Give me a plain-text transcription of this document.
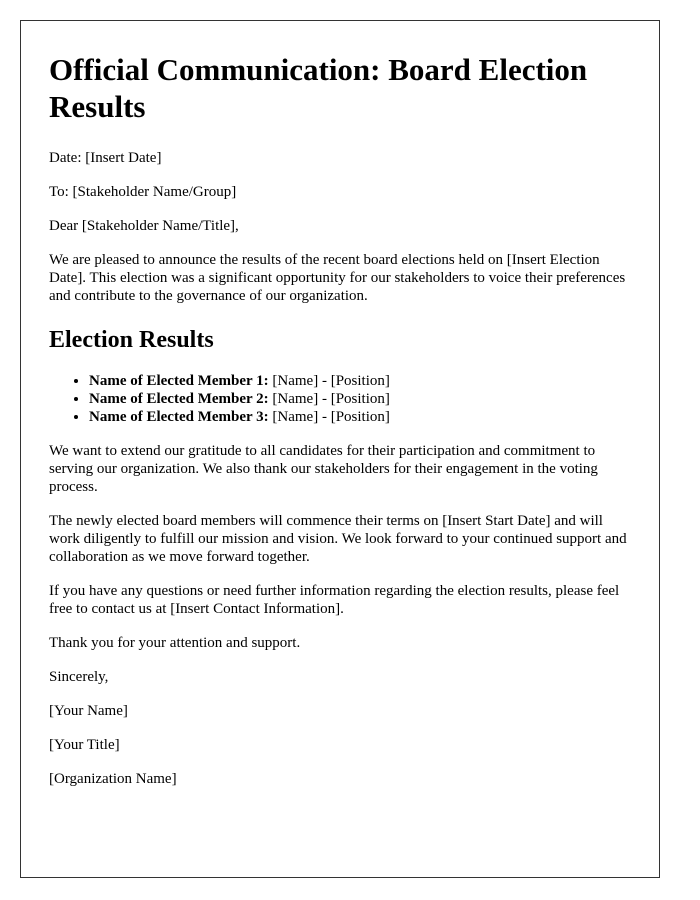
Official Communication: Board Election Results

Date: [Insert Date]

To: [Stakeholder Name/Group]

Dear [Stakeholder Name/Title],

We are pleased to announce the results of the recent board elections held on [Insert Election Date]. This election was a significant opportunity for our stakeholders to voice their preferences and contribute to the governance of our organization.

Election Results
• Name of Elected Member 1: [Name] - [Position]
• Name of Elected Member 2: [Name] - [Position]
• Name of Elected Member 3: [Name] - [Position]

We want to extend our gratitude to all candidates for their participation and commitment to serving our organization. We also thank our stakeholders for their engagement in the voting process.

The newly elected board members will commence their terms on [Insert Start Date] and will work diligently to fulfill our mission and vision. We look forward to your continued support and collaboration as we move forward together.

If you have any questions or need further information regarding the election results, please feel free to contact us at [Insert Contact Information].

Thank you for your attention and support.

Sincerely,

[Your Name]

[Your Title]

[Organization Name]
